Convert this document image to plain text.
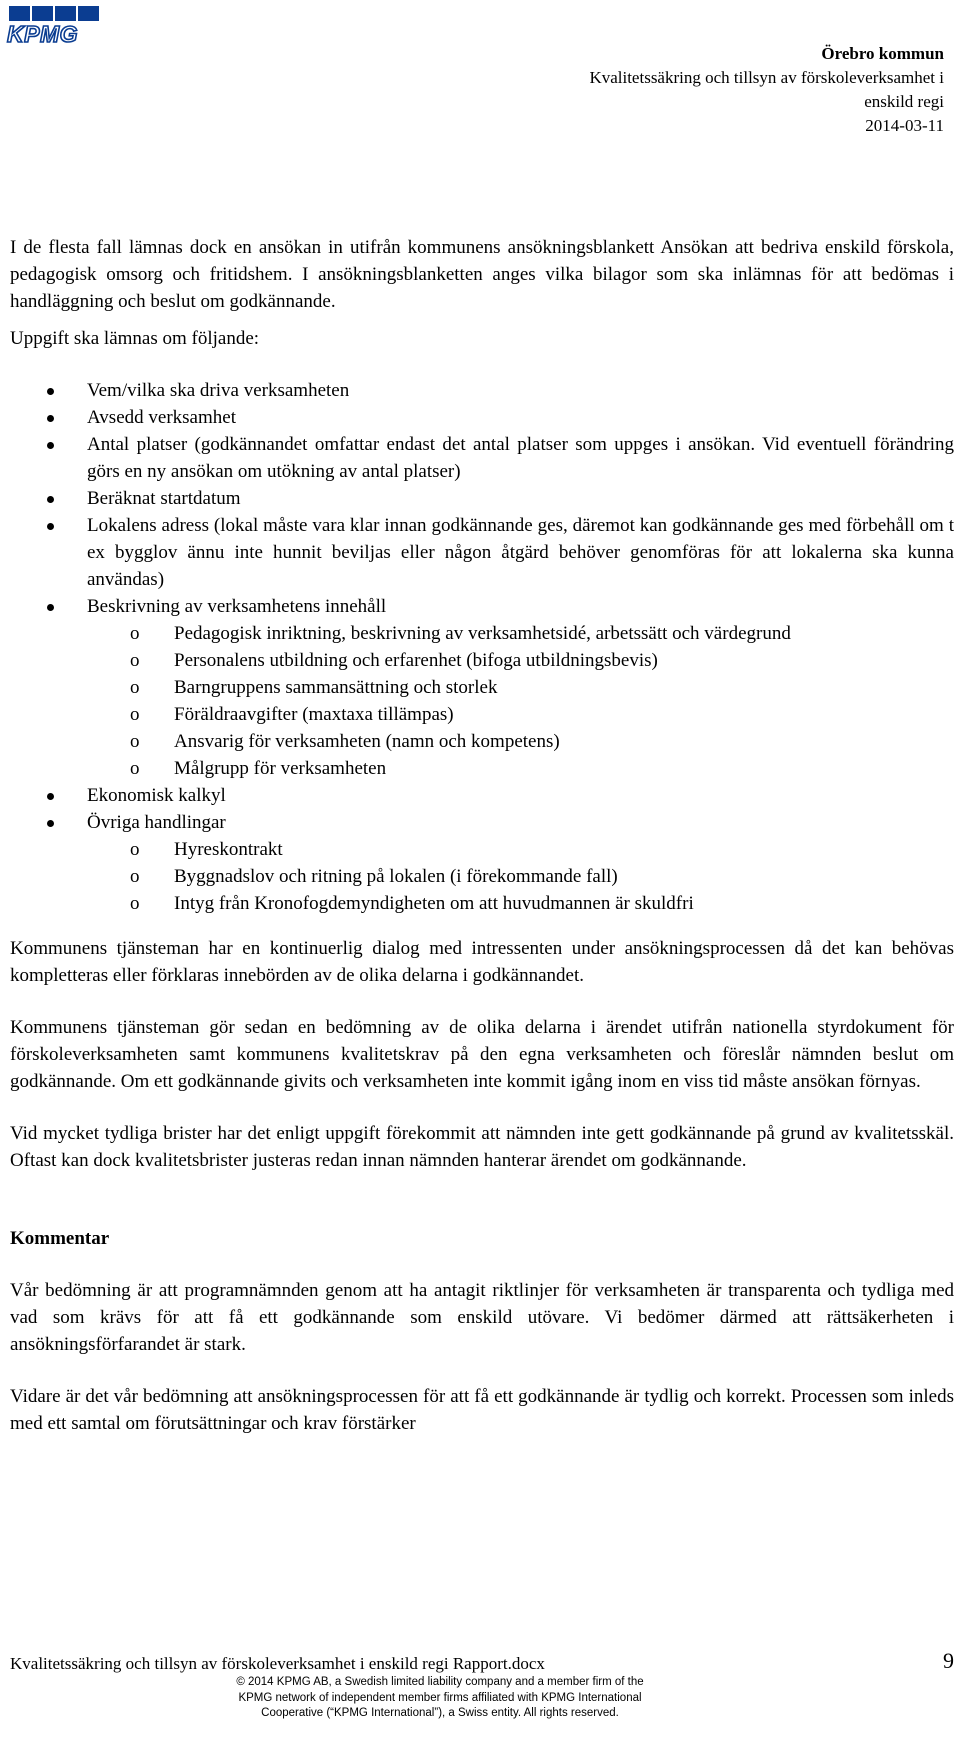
KPMG
Örebro kommun
Kvalitetssäkring och tillsyn av förskoleverksamhet i
enskild regi
2014-03-11

I de flesta fall lämnas dock en ansökan in utifrån kommunens ansökningsblankett Ansökan att bedriva enskild förskola, pedagogisk omsorg och fritidshem. I ansökningsblanketten anges vilka bilagor som ska inlämnas för att bedömas i handläggning och beslut om godkännande.

Uppgift ska lämnas om följande:

Vem/vilka ska driva verksamheten
Avsedd verksamhet
Antal platser (godkännandet omfattar endast det antal platser som uppges i ansökan. Vid eventuell förändring görs en ny ansökan om utökning av antal platser)
Beräknat startdatum
Lokalens adress (lokal måste vara klar innan godkännande ges, däremot kan godkännande ges med förbehåll om t ex bygglov ännu inte hunnit beviljas eller någon åtgärd behöver genomföras för att lokalerna ska kunna användas)
Beskrivning av verksamhetens innehåll
o	Pedagogisk inriktning, beskrivning av verksamhetsidé, arbetssätt och värdegrund
o	Personalens utbildning och erfarenhet (bifoga utbildningsbevis)
o	Barngruppens sammansättning och storlek
o	Föräldraavgifter (maxtaxa tillämpas)
o	Ansvarig för verksamheten (namn och kompetens)
o	Målgrupp för verksamheten
Ekonomisk kalkyl
Övriga handlingar
o	Hyreskontrakt
o	Byggnadslov och ritning på lokalen (i förekommande fall)
o	Intyg från Kronofogdemyndigheten om att huvudmannen är skuldfri

Kommunens tjänsteman har en kontinuerlig dialog med intressenten under ansökningsprocessen då det kan behövas kompletteras eller förklaras innebörden av de olika delarna i godkännandet.

Kommunens tjänsteman gör sedan en bedömning av de olika delarna i ärendet utifrån nationella styrdokument för förskoleverksamheten samt kommunens kvalitetskrav på den egna verksamheten och föreslår nämnden beslut om godkännande. Om ett godkännande givits och verksamheten inte kommit igång inom en viss tid måste ansökan förnyas.

Vid mycket tydliga brister har det enligt uppgift förekommit att nämnden inte gett godkännande på grund av kvalitetsskäl. Oftast kan dock kvalitetsbrister justeras redan innan nämnden hanterar ärendet om godkännande.

Kommentar

Vår bedömning är att programnämnden genom att ha antagit riktlinjer för verksamheten är transparenta och tydliga med vad som krävs för att få ett godkännande som enskild utövare. Vi bedömer därmed att rättsäkerheten i ansökningsförfarandet är stark.

Vidare är det vår bedömning att ansökningsprocessen för att få ett godkännande är tydlig och korrekt. Processen som inleds med ett samtal om förutsättningar och krav förstärker

Kvalitetssäkring och tillsyn av förskoleverksamhet i enskild regi Rapport.docx	9
© 2014 KPMG AB, a Swedish limited liability company and a member firm of the
KPMG network of independent member firms affiliated with KPMG International
Cooperative (“KPMG International”), a Swiss entity. All rights reserved.
